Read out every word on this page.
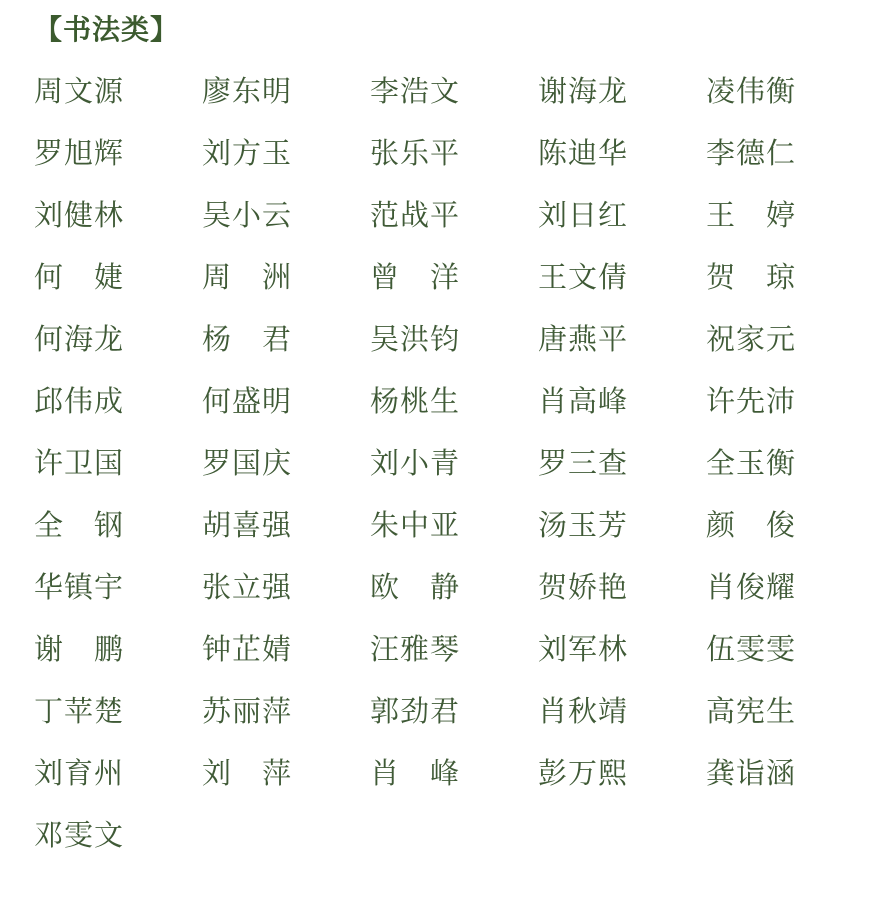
【书法类】
周文源	廖东明	李浩文	谢海龙	凌伟衡
罗旭辉	刘方玉	张乐平	陈迪华	李德仁
刘健林	吴小云	范战平	刘日红	王　婷
何　婕	周　洲	曾　洋	王文倩	贺　琼
何海龙	杨　君	吴洪钧	唐燕平	祝家元
邱伟成	何盛明	杨桃生	肖高峰	许先沛
许卫国	罗国庆	刘小青	罗三查	全玉衡
全　钢	胡喜强	朱中亚	汤玉芳	颜　俊
华镇宇	张立强	欧　静	贺娇艳	肖俊耀
谢　鹏	钟芷婧	汪雅琴	刘军林	伍雯雯
丁苹楚	苏丽萍	郭劲君	肖秋靖	高宪生
刘育州	刘　萍	肖　峰	彭万熙	龚诣涵
邓雯文
